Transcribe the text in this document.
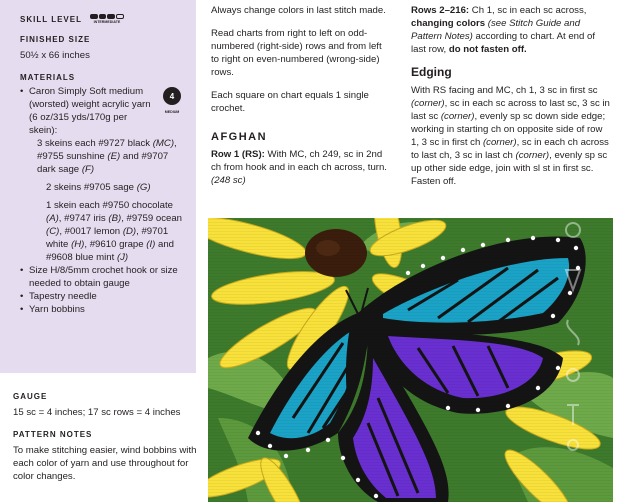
SKILL LEVEL	INTERMEDIATE
FINISHED SIZE
50½ x 66 inches
MATERIALS
• Caron Simply Soft medium (worsted) weight acrylic yarn (6 oz/315 yds/170g per skein):
4
MEDIUM
3 skeins each #9727 black (MC), #9755 sunshine (E) and #9707 dark sage (F)
2 skeins #9705 sage (G)
1 skein each #9750 chocolate (A), #9747 iris (B), #9759 ocean (C), #0017 lemon (D), #9701 white (H), #9610 grape (I) and #9608 blue mint (J)
• Size H/8/5mm crochet hook or size needed to obtain gauge
• Tapestry needle
• Yarn bobbins
GAUGE
15 sc = 4 inches; 17 sc rows = 4 inches
PATTERN NOTES
To make stitching easier, wind bobbins with each color of yarn and use throughout for color changes.

Always change colors in last stitch made.

Read charts from right to left on odd-numbered (right-side) rows and from left to right on even-numbered (wrong-side) rows.

Each square on chart equals 1 single crochet.

AFGHAN

Row 1 (RS): With MC, ch 249, sc in 2nd ch from hook and in each ch across, turn. (248 sc)

Rows 2–216: Ch 1, sc in each sc across, changing colors (see Stitch Guide and Pattern Notes) according to chart. At end of last row, do not fasten off.

Edging

With RS facing and MC, ch 1, 3 sc in first sc (corner), sc in each sc across to last sc, 3 sc in last sc (corner), evenly sp sc down side edge; working in starting ch on opposite side of row 1, 3 sc in first ch (corner), sc in each ch across to last ch, 3 sc in last ch (corner), evenly sp sc up other side edge, join with sl st in first sc. Fasten off.
